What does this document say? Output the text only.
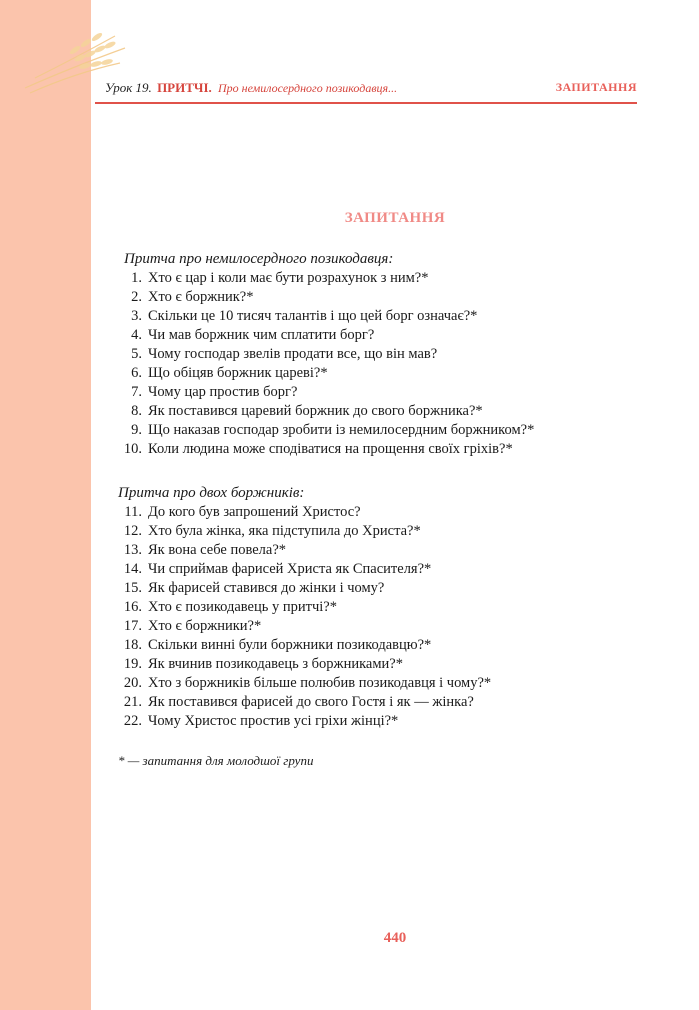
Урок 19. ПРИТЧІ. Про немилосердного позикодавця...	ЗАПИТАННЯ
ЗАПИТАННЯ
Притча про немилосердного позикодавця:
1. Хто є цар і коли має бути розрахунок з ним?*
2. Хто є боржник?*
3. Скільки це 10 тисяч талантів і що цей борг означає?*
4. Чи мав боржник чим сплатити борг?
5. Чому господар звелів продати все, що він мав?
6. Що обіцяв боржник цареві?*
7. Чому цар простив борг?
8. Як поставився царевий боржник до свого боржника?*
9. Що наказав господар зробити із немилосердним боржником?*
10. Коли людина може сподіватися на прощення своїх гріхів?*
Притча про двох боржників:
11. До кого був запрошений Христос?
12. Хто була жінка, яка підступила до Христа?*
13. Як вона себе повела?*
14. Чи сприймав фарисей Христа як Спасителя?*
15. Як фарисей ставився до жінки і чому?
16. Хто є позикодавець у притчі?*
17. Хто є боржники?*
18. Скільки винні були боржники позикодавцю?*
19. Як вчинив позикодавець з боржниками?*
20. Хто з боржників більше полюбив позикодавця і чому?*
21. Як поставився фарисей до свого Гостя і як — жінка?
22. Чому Христос простив усі гріхи жінці?*
* — запитання для молодшої групи
440
